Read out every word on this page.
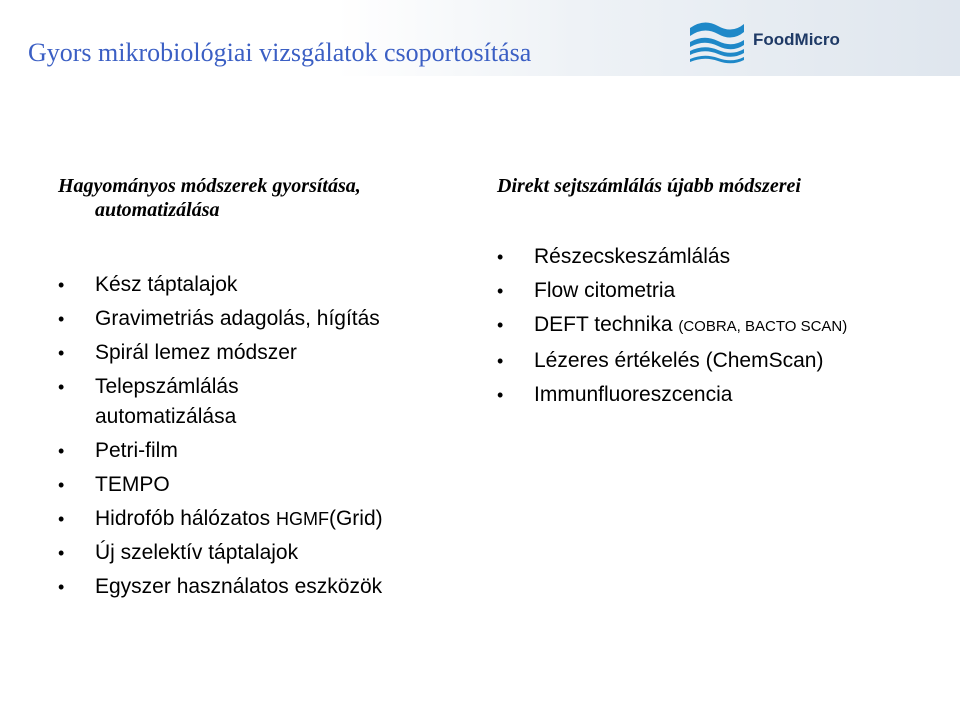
Gyors mikrobiológiai vizsgálatok csoportosítása	FoodMicro
Hagyományos módszerek gyorsítása,
automatizálása
• Kész táptalajok
• Gravimetriás adagolás, hígítás
• Spirál lemez módszer
• Telepszámlálás
automatizálása
• Petri-film
• TEMPO
• Hidrofób hálózatos HGMF(Grid)
• Új szelektív táptalajok
• Egyszer használatos eszközök
Direkt sejtszámlálás újabb módszerei
• Részecskeszámlálás
• Flow citometria
• DEFT technika (COBRA, BACTO SCAN)
• Lézeres értékelés (ChemScan)
• Immunfluoreszcencia
